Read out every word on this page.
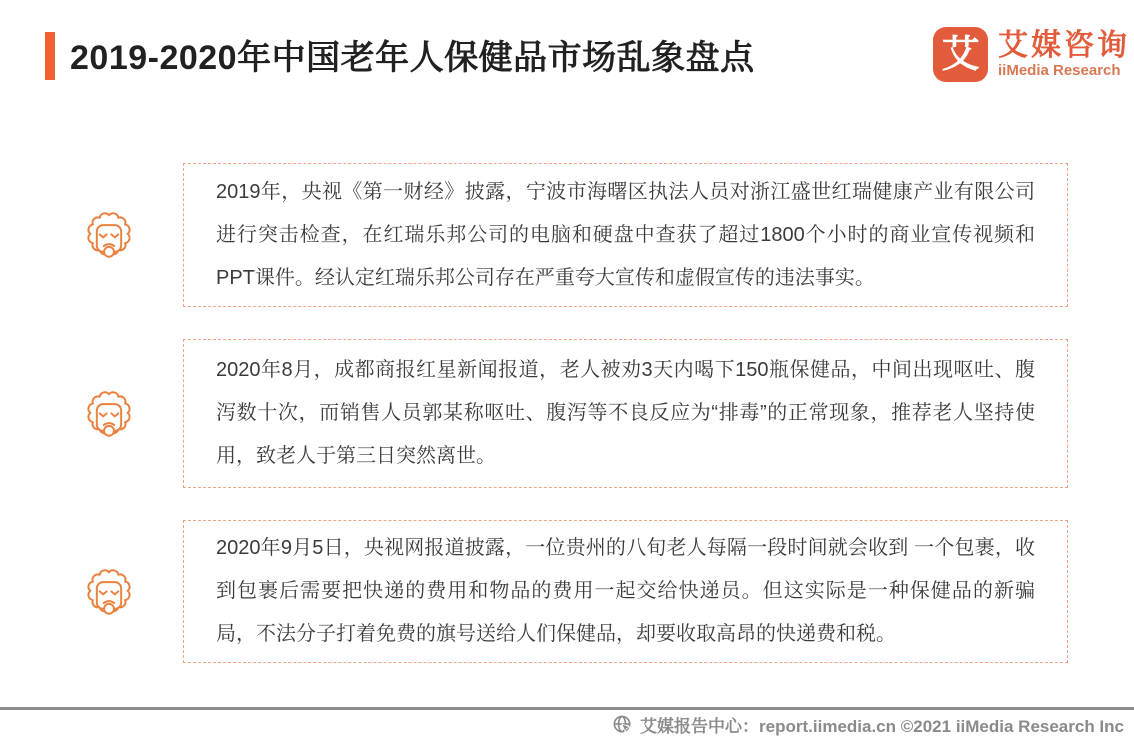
2019-2020年中国老年人保健品市场乱象盘点	艾 艾媒咨询
iiMedia Research

2019年，央视《第一财经》披露，宁波市海曙区执法人员对浙江盛世红瑞健康产业有限公司进行突击检查，在红瑞乐邦公司的电脑和硬盘中查获了超过1800个小时的商业宣传视频和PPT课件。经认定红瑞乐邦公司存在严重夸大宣传和虚假宣传的违法事实。

2020年8月，成都商报红星新闻报道，老人被劝3天内喝下150瓶保健品，中间出现呕吐、腹泻数十次，而销售人员郭某称呕吐、腹泻等不良反应为“排毒”的正常现象，推荐老人坚持使用，致老人于第三日突然离世。

2020年9月5日，央视网报道披露，一位贵州的八旬老人每隔一段时间就会收到 一个包裹，收到包裹后需要把快递的费用和物品的费用一起交给快递员。但这实际是一种保健品的新骗局，不法分子打着免费的旗号送给人们保健品，却要收取高昂的快递费和税。

艾媒报告中心：report.iimedia.cn ©2021 iiMedia Research Inc
